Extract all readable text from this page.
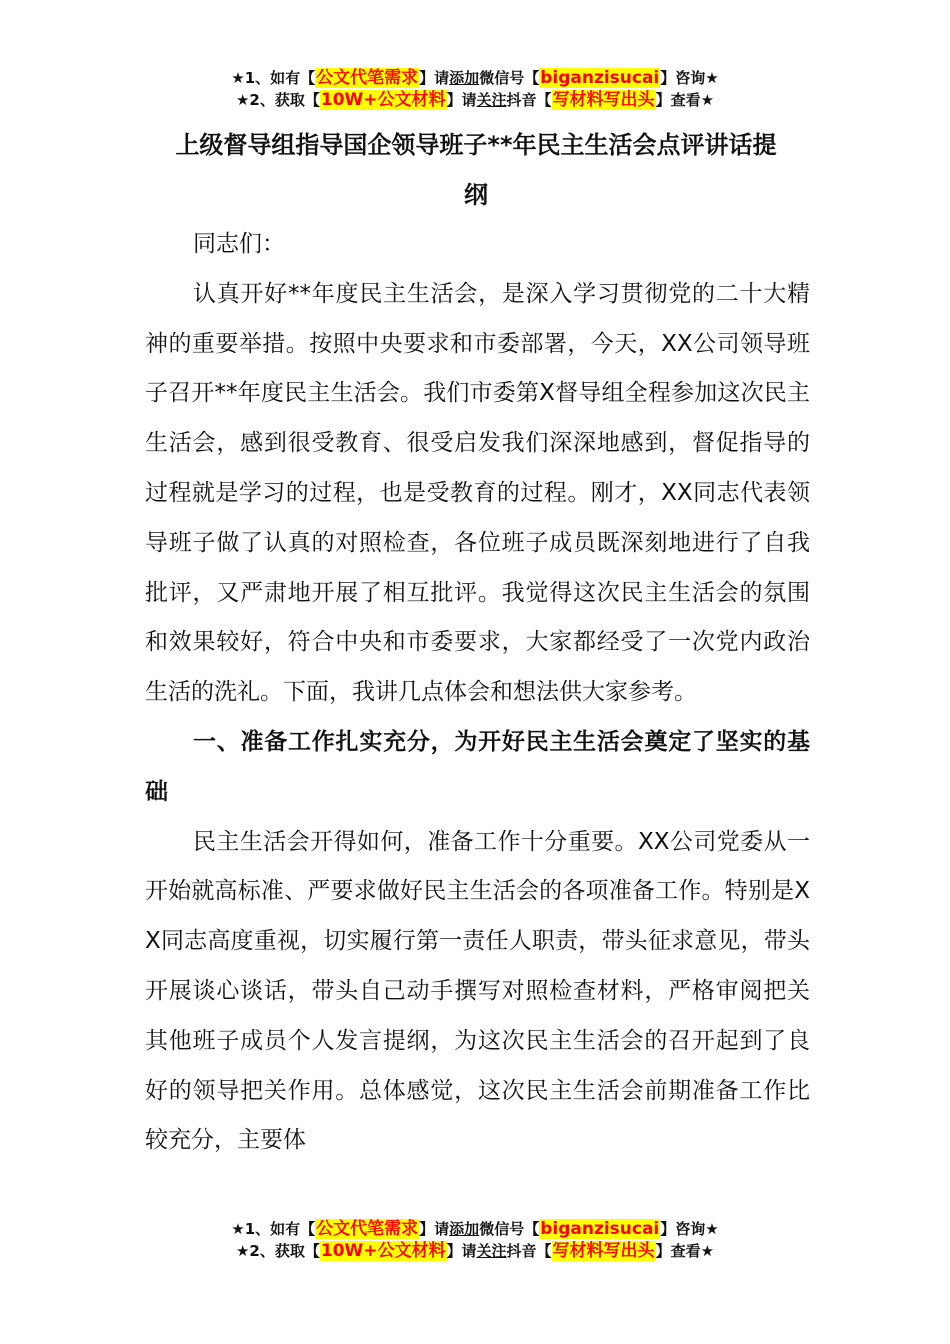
★1、如有【公文代笔需求】请添加微信号【biganzisucai】咨询★
★2、获取【10W+公文材料】请关注抖音【写材料写出头】查看★
上级督导组指导国企领导班子**年民主生活会点评讲话提
纲

同志们：

认真开好**年度民主生活会，是深入学习贯彻党的二十大精神的重要举措。按照中央要求和市委部署，今天，XX公司领导班子召开**年度民主生活会。我们市委第X督导组全程参加这次民主生活会，感到很受教育、很受启发我们深深地感到，督促指导的过程就是学习的过程，也是受教育的过程。刚才，XX同志代表领导班子做了认真的对照检查，各位班子成员既深刻地进行了自我批评，又严肃地开展了相互批评。我觉得这次民主生活会的氛围和效果较好，符合中央和市委要求，大家都经受了一次党内政治生活的洗礼。下面，我讲几点体会和想法供大家参考。

一、准备工作扎实充分，为开好民主生活会奠定了坚实的基础

民主生活会开得如何，准备工作十分重要。XX公司党委从一开始就高标准、严要求做好民主生活会的各项准备工作。特别是XX同志高度重视，切实履行第一责任人职责，带头征求意见，带头开展谈心谈话，带头自己动手撰写对照检查材料，严格审阅把关其他班子成员个人发言提纲，为这次民主生活会的召开起到了良好的领导把关作用。总体感觉，这次民主生活会前期准备工作比较充分，主要体

★1、如有【公文代笔需求】请添加微信号【biganzisucai】咨询★
★2、获取【10W+公文材料】请关注抖音【写材料写出头】查看★
